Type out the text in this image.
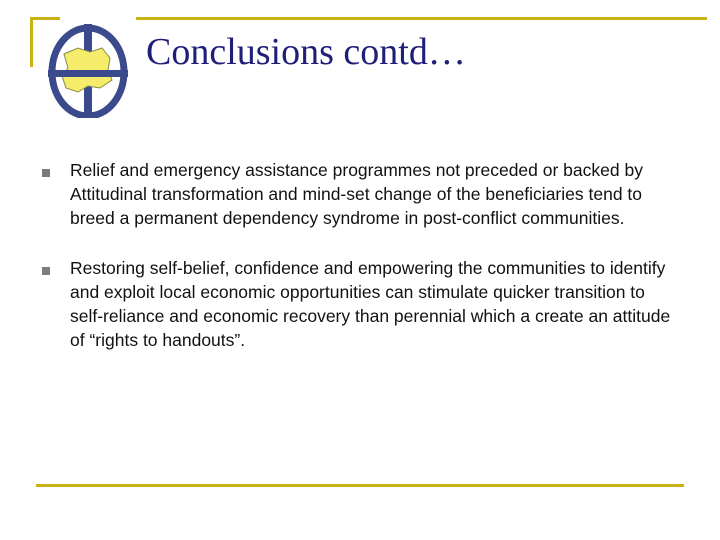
Conclusions contd…
Relief and emergency assistance programmes not preceded or backed by Attitudinal transformation and mind-set change of the beneficiaries tend to breed a permanent dependency syndrome in post-conflict communities.
Restoring self-belief, confidence and empowering the communities to identify and exploit local economic opportunities can stimulate quicker transition to self-reliance and economic recovery than perennial which a create an attitude of “rights to handouts”.
